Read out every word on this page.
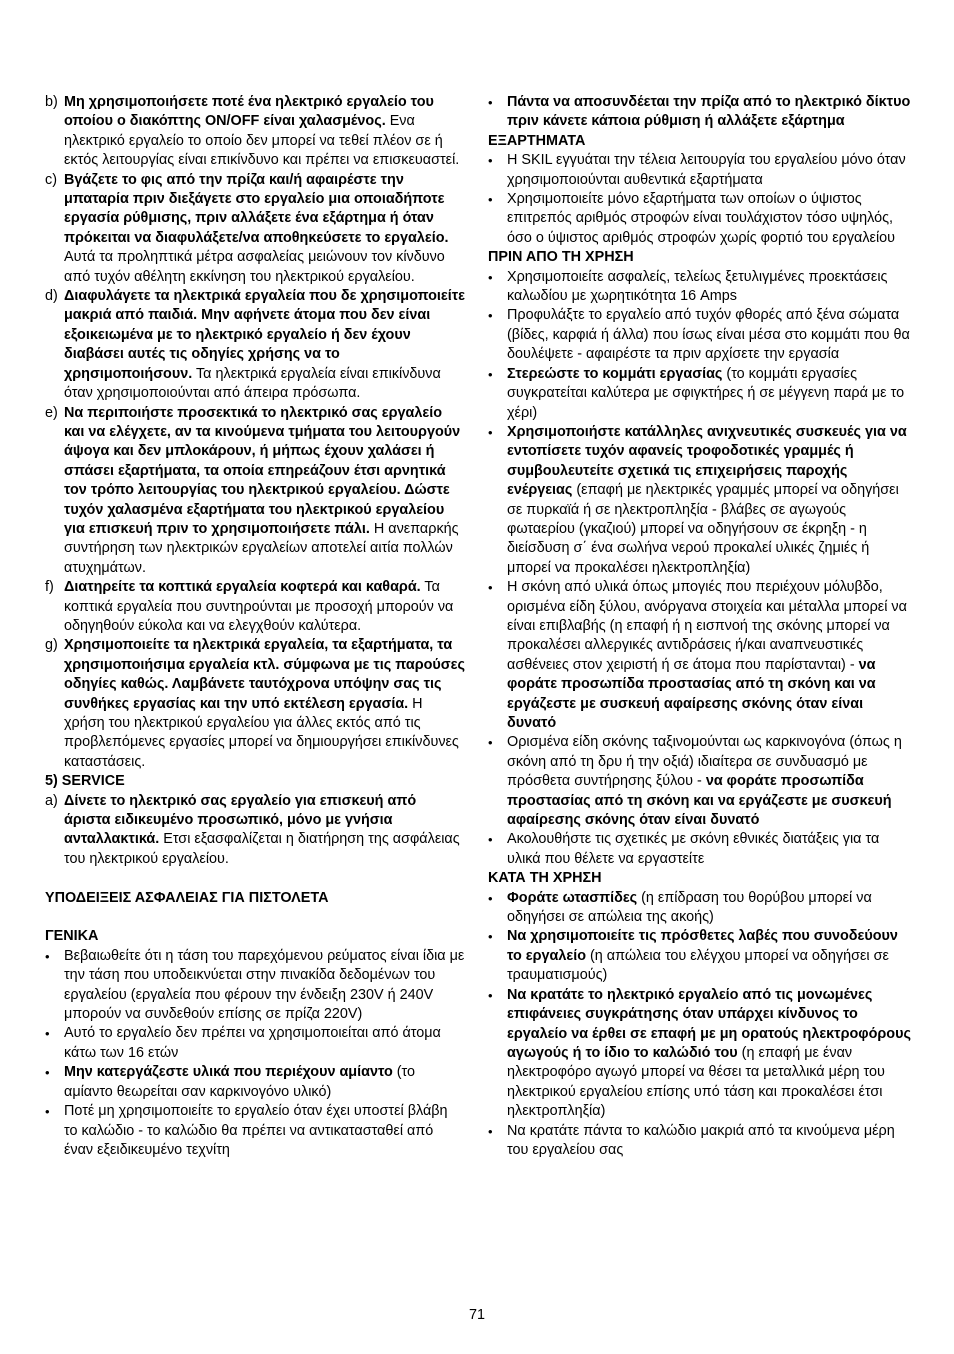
b) Μη χρησιμοποιήσετε ποτέ ένα ηλεκτρικό εργαλείο του οποίου ο διακόπτης ON/OFF είναι χαλασμένος. Ενα ηλεκτρικό εργαλείο το οποίο δεν μπορεί να τεθεί πλέον σε ή εκτός λειτουργίας είναι επικίνδυνο και πρέπει να επισκευαστεί.

c) Βγάζετε το φις από την πρίζα και/ή αφαιρέστε την μπαταρία πριν διεξάγετε στο εργαλείο μια οποιαδήποτε εργασία ρύθμισης, πριν αλλάξετε ένα εξάρτημα ή όταν πρόκειται να διαφυλάξετε/να αποθηκεύσετε το εργαλείο. Αυτά τα προληπτικά μέτρα ασφαλείας μειώνουν τον κίνδυνο από τυχόν αθέλητη εκκίνηση του ηλεκτρικού εργαλείου.

d) Διαφυλάγετε τα ηλεκτρικά εργαλεία που δε χρησιμοποιείτε μακριά από παιδιά. Μην αφήνετε άτομα που δεν είναι εξοικειωμένα με το ηλεκτρικό εργαλείο ή δεν έχουν διαβάσει αυτές τις οδηγίες χρήσης να το χρησιμοποιήσουν. Τα ηλεκτρικά εργαλεία είναι επικίνδυνα όταν χρησιμοποιούνται από άπειρα πρόσωπα.

e) Να περιποιήστε προσεκτικά το ηλεκτρικό σας εργαλείο και να ελέγχετε, αν τα κινούμενα τμήματα του λειτουργούν άψογα και δεν μπλοκάρουν, ή μήπως έχουν χαλάσει ή σπάσει εξαρτήματα, τα οποία επηρεάζουν έτσι αρνητικά τον τρόπο λειτουργίας του ηλεκτρικού εργαλείου. Δώστε τυχόν χαλασμένα εξαρτήματα του ηλεκτρικού εργαλείου για επισκευή πριν το χρησιμοποιήσετε πάλι. Η ανεπαρκής συντήρηση των ηλεκτρικών εργαλείων αποτελεί αιτία πολλών ατυχημάτων.

f) Διατηρείτε τα κοπτικά εργαλεία κοφτερά και καθαρά. Τα κοπτικά εργαλεία που συντηρούνται με προσοχή μπορούν να οδηγηθούν εύκολα και να ελεγχθούν καλύτερα.

g) Χρησιμοποιείτε τα ηλεκτρικά εργαλεία, τα εξαρτήματα, τα χρησιμοποιήσιμα εργαλεία κτλ. σύμφωνα με τις παρούσες οδηγίες καθώς. Λαμβάνετε ταυτόχρονα υπόψην σας τις συνθήκες εργασίας και την υπό εκτέλεση εργασία. Η χρήση του ηλεκτρικού εργαλείου για άλλες εκτός από τις προβλεπόμενες εργασίες μπορεί να δημιουργήσει επικίνδυνες καταστάσεις.

5) SERVICE

a) Δίνετε το ηλεκτρικό σας εργαλείο για επισκευή από άριστα ειδικευμένο προσωπικό, μόνο με γνήσια ανταλλακτικά. Ετσι εξασφαλίζεται η διατήρηση της ασφάλειας του ηλεκτρικού εργαλείου.

ΥΠΟΔΕΙΞΕΙΣ ΑΣΦΑΛΕΙΑΣ ΓΙΑ ΠΙΣΤΟΛΕΤΑ

ΓΕΝΙΚΑ

• Βεβαιωθείτε ότι η τάση του παρεχόμενου ρεύματος είναι ίδια με την τάση που υποδεικνύεται στην πινακίδα δεδομένων του εργαλείου (εργαλεία που φέρουν την ένδειξη 230V ή 240V μπορούν να συνδεθούν επίσης σε πρίζα 220V)

• Αυτό το εργαλείο δεν πρέπει να χρησιμοποιείται από άτομα κάτω των 16 ετών

• Μην κατεργάζεστε υλικά που περιέχουν αμίαντο (το αμίαντο θεωρείται σαν καρκινογόνο υλικό)

• Ποτέ μη χρησιμοποιείτε το εργαλείο όταν έχει υποστεί βλάβη το καλώδιο - το καλώδιο θα πρέπει να αντικατασταθεί από έναν εξειδικευμένο τεχνίτη

• Πάντα να αποσυνδέεται την πρίζα από το ηλεκτρικό δίκτυο πριν κάνετε κάποια ρύθμιση ή αλλάξετε εξάρτημα

ΕΞΑΡΤΗΜΑΤΑ

• Η SKIL εγγυάται την τέλεια λειτουργία του εργαλείου μόνο όταν χρησιμοποιούνται αυθεντικά εξαρτήματα

• Χρησιμοποιείτε μόνο εξαρτήματα των οποίων ο ύψιστος επιτρεπός αριθμός στροφών είναι τουλάχιστον τόσο υψηλός, όσο ο ύψιστος αριθμός στροφών χωρίς φορτιό του εργαλείου

ΠΡΙΝ ΑΠΟ ΤΗ ΧΡΗΣΗ

• Χρησιμοποιείτε ασφαλείς, τελείως ξετυλιγμένες προεκτάσεις καλωδίου με χωρητικότητα 16 Amps

• Προφυλάξτε το εργαλείο από τυχόν φθορές από ξένα σώματα (βίδες, καρφιά ή άλλα) που ίσως είναι μέσα στο κομμάτι που θα δουλέψετε - αφαιρέστε τα πριν αρχίσετε την εργασία

• Στερεώστε το κομμάτι εργασίας (το κομμάτι εργασίες συγκρατείται καλύτερα με σφιγκτήρες ή σε μέγγενη παρά με το χέρι)

• Χρησιμοποιήστε κατάλληλες ανιχνευτικές συσκευές για να εντοπίσετε τυχόν αφανείς τροφοδοτικές γραμμές ή συμβουλευτείτε σχετικά τις επιχειρήσεις παροχής ενέργειας (επαφή με ηλεκτρικές γραμμές μπορεί να οδηγήσει σε πυρκαϊά ή σε ηλεκτροπληξία - βλάβες σε αγωγούς φωταερίου (γκαζιού) μπορεί να οδηγήσουν σε έκρηξη - η διείσδυση σ΄ ένα σωλήνα νερού προκαλεί υλικές ζημιές ή μπορεί να προκαλέσει ηλεκτροπληξία)

• Η σκόνη από υλικά όπως μπογιές που περιέχουν μόλυβδο, ορισμένα είδη ξύλου, ανόργανα στοιχεία και μέταλλα μπορεί να είναι επιβλαβής (η επαφή ή η εισπνοή της σκόνης μπορεί να προκαλέσει αλλεργικές αντιδράσεις ή/και αναπνευστικές ασθένειες στον χειριστή ή σε άτομα που παρίστανται) - να φοράτε προσωπίδα προστασίας από τη σκόνη και να εργάζεστε με συσκευή αφαίρεσης σκόνης όταν είναι δυνατό

• Ορισμένα είδη σκόνης ταξινομούνται ως καρκινογόνα (όπως η σκόνη από τη δρυ ή την οξιά) ιδιαίτερα σε συνδυασμό με πρόσθετα συντήρησης ξύλου - να φοράτε προσωπίδα προστασίας από τη σκόνη και να εργάζεστε με συσκευή αφαίρεσης σκόνης όταν είναι δυνατό

• Ακολουθήστε τις σχετικές με σκόνη εθνικές διατάξεις για τα υλικά που θέλετε να εργαστείτε

ΚΑΤΑ ΤΗ ΧΡΗΣΗ

• Φοράτε ωτασπίδες (η επίδραση του θορύβου μπορεί να οδηγήσει σε απώλεια της ακοής)

• Να χρησιμοποιείτε τις πρόσθετες λαβές που συνοδεύουν το εργαλείο (η απώλεια του ελέγχου μπορεί να οδηγήσει σε τραυματισμούς)

• Να κρατάτε το ηλεκτρικό εργαλείο από τις μονωμένες επιφάνειες συγκράτησης όταν υπάρχει κίνδυνος το εργαλείο να έρθει σε επαφή με μη ορατούς ηλεκτροφόρους αγωγούς ή το ίδιο το καλώδιό του (η επαφή με έναν ηλεκτροφόρο αγωγό μπορεί να θέσει τα μεταλλικά μέρη του ηλεκτρικού εργαλείου επίσης υπό τάση και προκαλέσει έτσι ηλεκτροπληξία)

• Να κρατάτε πάντα το καλώδιο μακριά από τα κινούμενα μέρη του εργαλείου σας

71
